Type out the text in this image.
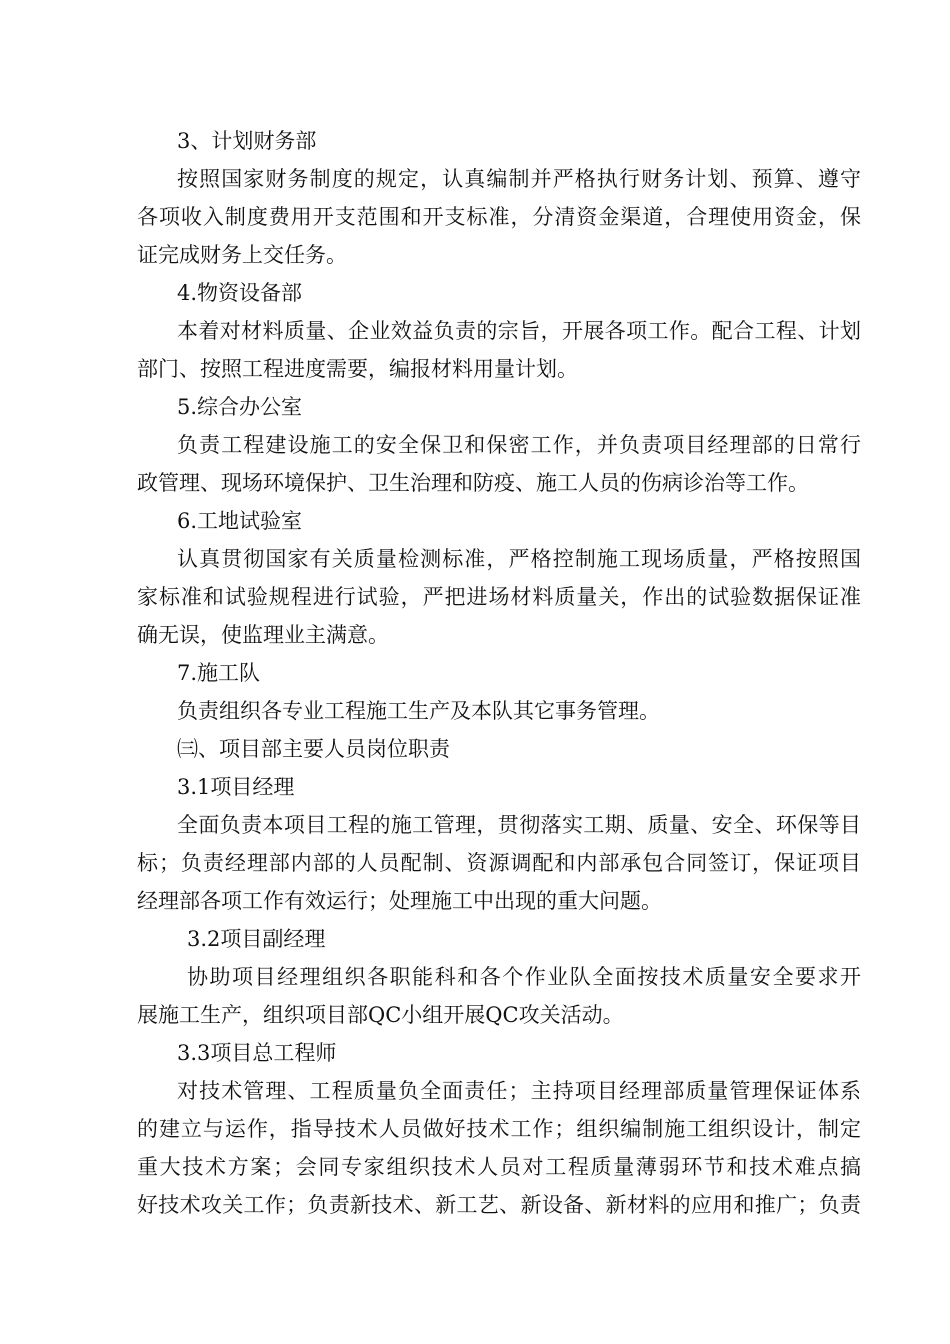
3、计划财务部
按照国家财务制度的规定，认真编制并严格执行财务计划、预算、遵守
各项收入制度费用开支范围和开支标准，分清资金渠道，合理使用资金，保
证完成财务上交任务。
4.物资设备部
本着对材料质量、企业效益负责的宗旨，开展各项工作。配合工程、计划
部门、按照工程进度需要，编报材料用量计划。
5.综合办公室
负责工程建设施工的安全保卫和保密工作，并负责项目经理部的日常行
政管理、现场环境保护、卫生治理和防疫、施工人员的伤病诊治等工作。
6.工地试验室
认真贯彻国家有关质量检测标准，严格控制施工现场质量，严格按照国
家标准和试验规程进行试验，严把进场材料质量关，作出的试验数据保证准
确无误，使监理业主满意。
7.施工队
负责组织各专业工程施工生产及本队其它事务管理。
㈢、项目部主要人员岗位职责
3.1项目经理
全面负责本项目工程的施工管理，贯彻落实工期、质量、安全、环保等目
标；负责经理部内部的人员配制、资源调配和内部承包合同签订，保证项目
经理部各项工作有效运行；处理施工中出现的重大问题。
3.2项目副经理
协助项目经理组织各职能科和各个作业队全面按技术质量安全要求开
展施工生产，组织项目部QC小组开展QC攻关活动。
3.3项目总工程师
对技术管理、工程质量负全面责任；主持项目经理部质量管理保证体系
的建立与运作，指导技术人员做好技术工作；组织编制施工组织设计，制定
重大技术方案；会同专家组织技术人员对工程质量薄弱环节和技术难点搞
好技术攻关工作；负责新技术、新工艺、新设备、新材料的应用和推广；负责
